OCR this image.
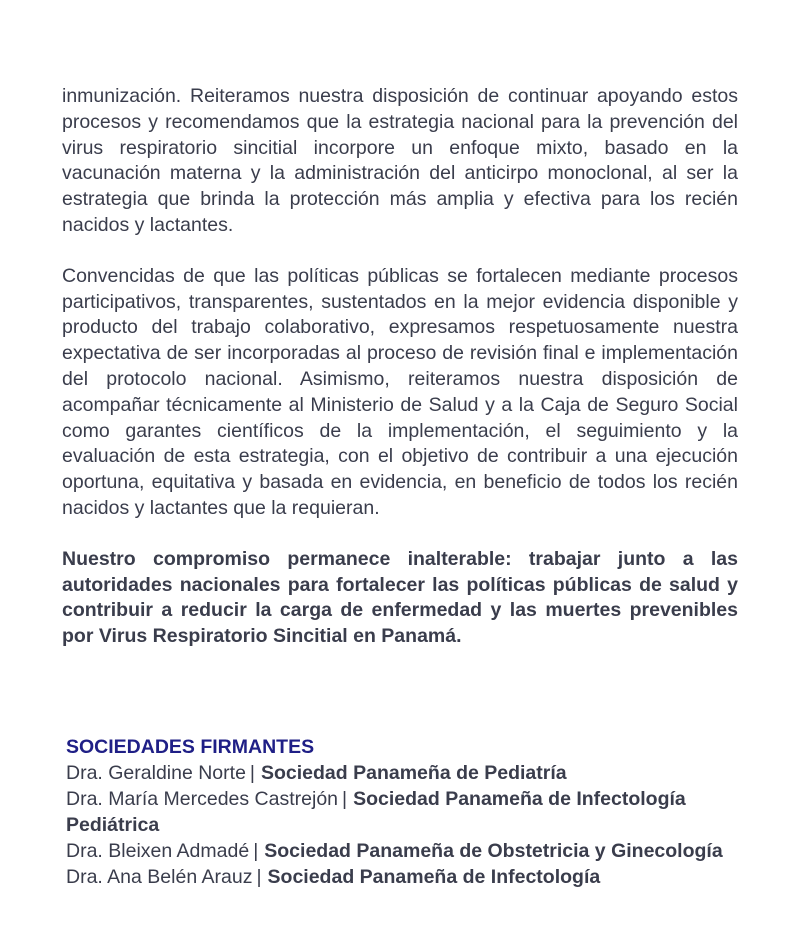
inmunización. Reiteramos nuestra disposición de continuar apoyando estos procesos y recomendamos que la estrategia nacional para la prevención del virus respiratorio sincitial incorpore un enfoque mixto, basado en la vacunación materna y la administración del anticirpo monoclonal, al ser la estrategia que brinda la protección más amplia y efectiva para los recién nacidos y lactantes.

Convencidas de que las políticas públicas se fortalecen mediante procesos participativos, transparentes, sustentados en la mejor evidencia disponible y producto del trabajo colaborativo, expresamos respetuosamente nuestra expectativa de ser incorporadas al proceso de revisión final e implementación del protocolo nacional. Asimismo, reiteramos nuestra disposición de acompañar técnicamente al Ministerio de Salud y a la Caja de Seguro Social como garantes científicos de la implementación, el seguimiento y la evaluación de esta estrategia, con el objetivo de contribuir a una ejecución oportuna, equitativa y basada en evidencia, en beneficio de todos los recién nacidos y lactantes que la requieran.

Nuestro compromiso permanece inalterable: trabajar junto a las autoridades nacionales para fortalecer las políticas públicas de salud y contribuir a reducir la carga de enfermedad y las muertes prevenibles por Virus Respiratorio Sincitial en Panamá.

SOCIEDADES FIRMANTES

Dra. Geraldine Norte | Sociedad Panameña de Pediatría

Dra. María Mercedes Castrejón | Sociedad Panameña de Infectología Pediátrica

Dra. Bleixen Admadé | Sociedad Panameña de Obstetricia y Ginecología

Dra. Ana Belén Arauz | Sociedad Panameña de Infectología
